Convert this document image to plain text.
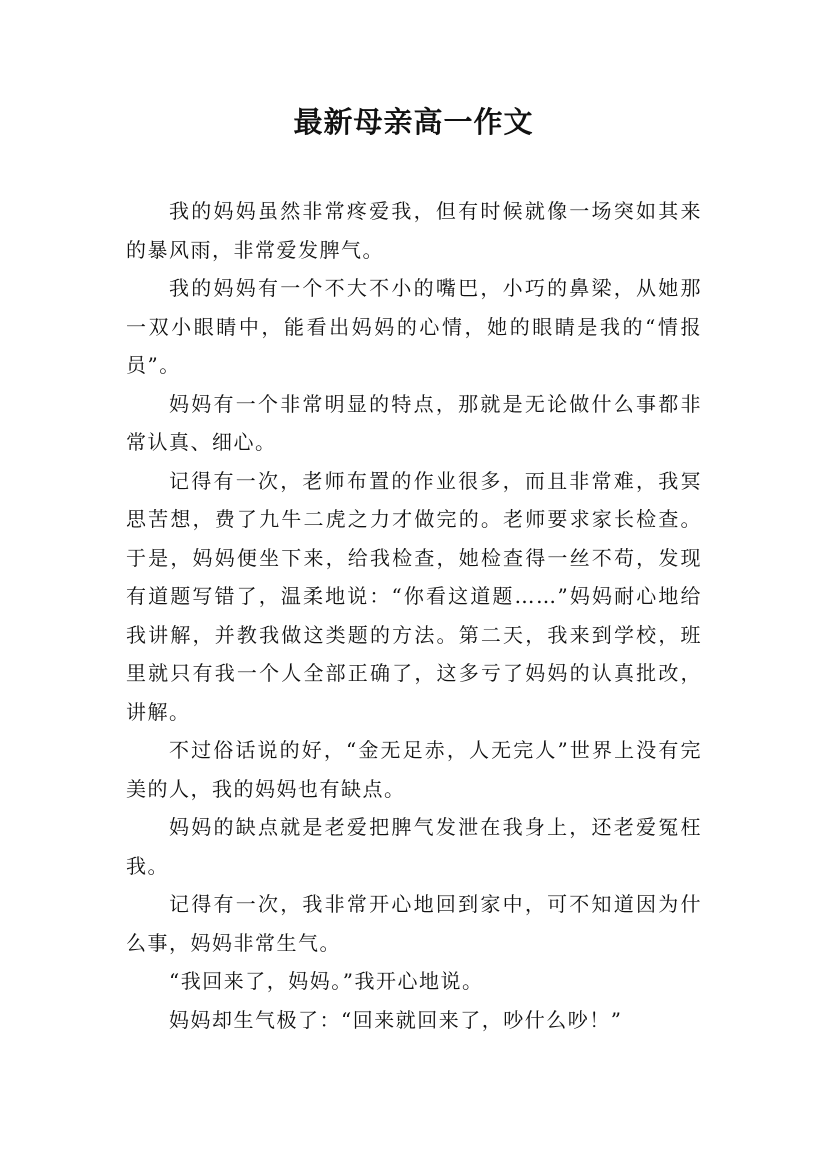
最新母亲高一作文

我的妈妈虽然非常疼爱我，但有时候就像一场突如其来的暴风雨，非常爱发脾气。

我的妈妈有一个不大不小的嘴巴，小巧的鼻梁，从她那一双小眼睛中，能看出妈妈的心情，她的眼睛是我的“情报员”。

妈妈有一个非常明显的特点，那就是无论做什么事都非常认真、细心。

记得有一次，老师布置的作业很多，而且非常难，我冥思苦想，费了九牛二虎之力才做完的。老师要求家长检查。于是，妈妈便坐下来，给我检查，她检查得一丝不苟，发现有道题写错了，温柔地说：“你看这道题……”妈妈耐心地给我讲解，并教我做这类题的方法。第二天，我来到学校，班里就只有我一个人全部正确了，这多亏了妈妈的认真批改，讲解。

不过俗话说的好，“金无足赤，人无完人”世界上没有完美的人，我的妈妈也有缺点。

妈妈的缺点就是老爱把脾气发泄在我身上，还老爱冤枉我。

记得有一次，我非常开心地回到家中，可不知道因为什么事，妈妈非常生气。

“我回来了，妈妈。”我开心地说。

妈妈却生气极了：“回来就回来了，吵什么吵！”
